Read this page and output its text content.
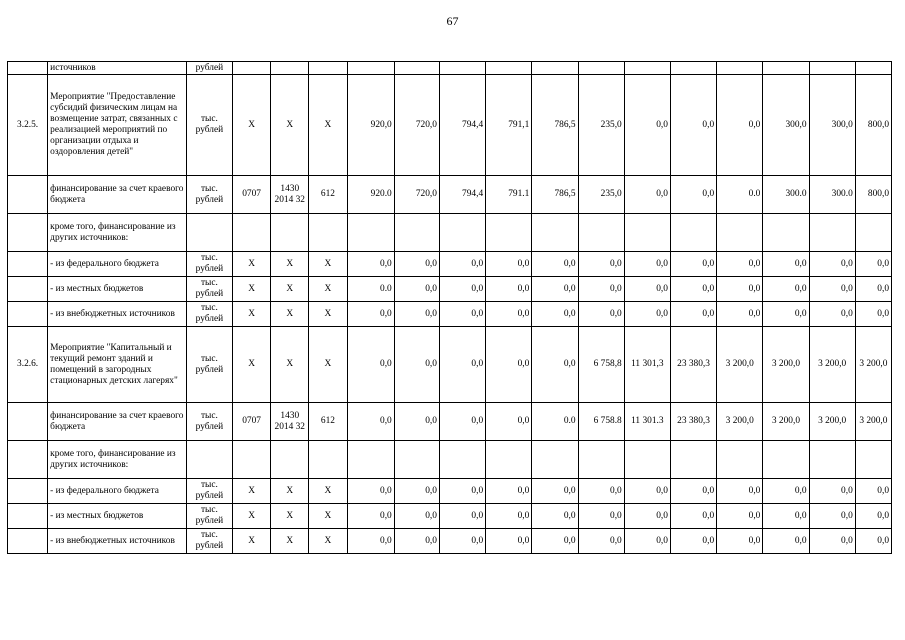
67
	источников	рублей															
3.2.5.	Мероприятие "Предоставление субсидий физическим лицам на возмещение затрат, связанных с реализацией мероприятий по организации отдыха и оздоровления детей"	тыс. рублей	Х	Х	Х	920,0	720,0	794,4	791,1	786,5	235,0	0,0	0,0	0,0	300,0	300,0	800,0
	финансирование за счет краевого бюджета	тыс. рублей	0707	1430 2014 32	612	920.0	720,0	794,4	791.1	786,5	235,0	0,0	0,0	0.0	300.0	300.0	800,0
	кроме того, финансирование из других источников:																
	- из федерального бюджета	тыс. рублей	Х	Х	Х	0,0	0,0	0,0	0,0	0,0	0,0	0,0	0,0	0,0	0,0	0,0	0,0
	- из местных бюджетов	тыс. рублей	Х	Х	Х	0.0	0,0	0,0	0,0	0,0	0,0	0,0	0,0	0,0	0,0	0,0	0,0
	- из внебюджетных источников	тыс. рублей	Х	Х	Х	0,0	0,0	0,0	0,0	0,0	0,0	0,0	0,0	0,0	0,0	0,0	0,0
3.2.6.	Мероприятие "Капитальный и текущий ремонт зданий и помещений в загородных стационарных детских лагерях"	тыс. рублей	Х	Х	Х	0,0	0,0	0,0	0,0	0,0	6 758,8	11 301,3	23 380,3	3 200,0	3 200,0	3 200,0	3 200,0
	финансирование за счет краевого бюджета	тыс. рублей	0707	1430 2014 32	612	0,0	0,0	0,0	0,0	0.0	6 758.8	11 301.3	23 380,3	3 200,0	3 200,0	3 200,0	3 200,0
	кроме того, финансирование из других источников:																
	- из федерального бюджета	тыс. рублей	Х	Х	Х	0,0	0,0	0,0	0,0	0,0	0,0	0,0	0,0	0,0	0,0	0,0	0,0
	- из местных бюджетов	тыс. рублей	Х	Х	Х	0,0	0,0	0,0	0,0	0,0	0,0	0,0	0,0	0,0	0,0	0,0	0,0
	- из внебюджетных источников	тыс. рублей	Х	Х	Х	0,0	0,0	0,0	0,0	0,0	0,0	0,0	0,0	0,0	0,0	0,0	0,0
